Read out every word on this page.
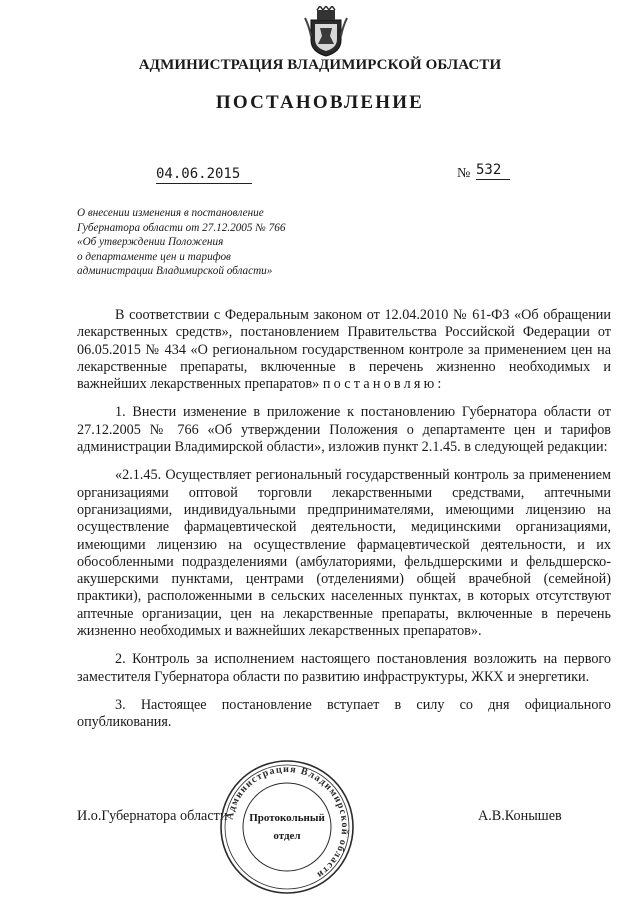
АДМИНИСТРАЦИЯ ВЛАДИМИРСКОЙ ОБЛАСТИ
ПОСТАНОВЛЕНИЕ
04.06.2015	№ 532
О внесении изменения в постановление
Губернатора области от 27.12.2005 № 766
«Об утверждении Положения
о департаменте цен и тарифов
администрации Владимирской области»

В соответствии с Федеральным законом от 12.04.2010 № 61-ФЗ «Об обращении лекарственных средств», постановлением Правительства Российской Федерации от 06.05.2015 № 434 «О региональном государственном контроле за применением цен на лекарственные препараты, включенные в перечень жизненно необходимых и важнейших лекарственных препаратов» постановляю:

1. Внести изменение в приложение к постановлению Губернатора области от 27.12.2005 № 766 «Об утверждении Положения о департаменте цен и тарифов администрации Владимирской области», изложив пункт 2.1.45. в следующей редакции:

«2.1.45. Осуществляет региональный государственный контроль за применением организациями оптовой торговли лекарственными средствами, аптечными организациями, индивидуальными предпринимателями, имеющими лицензию на осуществление фармацевтической деятельности, медицинскими организациями, имеющими лицензию на осуществление фармацевтической деятельности, и их обособленными подразделениями (амбулаториями, фельдшерскими и фельдшерско-акушерскими пунктами, центрами (отделениями) общей врачебной (семейной) практики), расположенными в сельских населенных пунктах, в которых отсутствуют аптечные организации, цен на лекарственные препараты, включенные в перечень жизненно необходимых и важнейших лекарственных препаратов».

2. Контроль за исполнением настоящего постановления возложить на первого заместителя Губернатора области по развитию инфраструктуры, ЖКХ и энергетики.

3. Настоящее постановление вступает в силу со дня официального опубликования.

И.о.Губернатора области	А.В.Конышев
Администрация Владимирской области
Протокольный
отдел
